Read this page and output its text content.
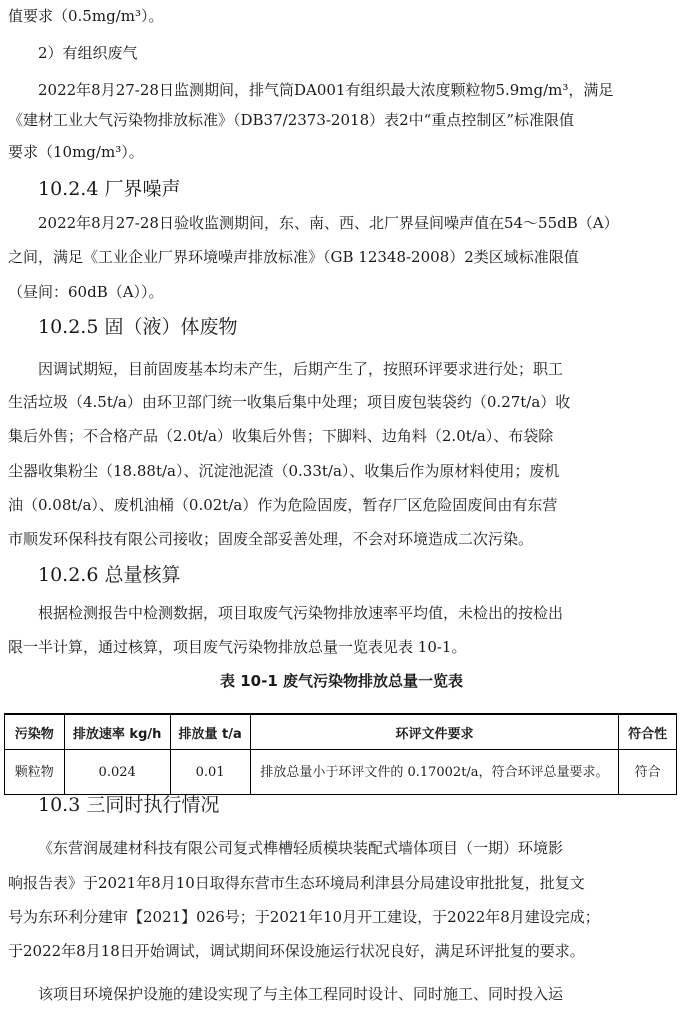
值要求（0.5mg/m³）。
2）有组织废气
2022年8月27-28日监测期间，排气筒DA001有组织最大浓度颗粒物5.9mg/m³，满足
《建材工业大气污染物排放标准》（DB37/2373-2018）表2中“重点控制区”标准限值
要求（10mg/m³）。
10.2.4 厂界噪声
2022年8月27-28日验收监测期间，东、南、西、北厂界昼间噪声值在54～55dB（A）
之间，满足《工业企业厂界环境噪声排放标准》（GB 12348-2008）2类区域标准限值
（昼间：60dB（A））。
10.2.5 固（液）体废物
因调试期短，目前固废基本均未产生，后期产生了，按照环评要求进行处；职工
生活垃圾（4.5t/a）由环卫部门统一收集后集中处理；项目废包装袋约（0.27t/a）收
集后外售；不合格产品（2.0t/a）收集后外售；下脚料、边角料（2.0t/a）、布袋除
尘器收集粉尘（18.88t/a）、沉淀池泥渣（0.33t/a）、收集后作为原材料使用；废机
油（0.08t/a）、废机油桶（0.02t/a）作为危险固废，暂存厂区危险固废间由有东营
市顺发环保科技有限公司接收；固废全部妥善处理，不会对环境造成二次污染。
10.2.6 总量核算
根据检测报告中检测数据，项目取废气污染物排放速率平均值，未检出的按检出
限一半计算，通过核算，项目废气污染物排放总量一览表见表 10-1。
表 10-1 废气污染物排放总量一览表
污染物	排放速率 kg/h	排放量 t/a	环评文件要求	符合性
颗粒物	0.024	0.01	排放总量小于环评文件的 0.17002t/a，符合环评总量要求。	符合
10.3 三同时执行情况
《东营润晟建材科技有限公司复式榫槽轻质模块装配式墙体项目（一期）环境影
响报告表》于2021年8月10日取得东营市生态环境局利津县分局建设审批批复，批复文
号为东环利分建审【2021】026号；于2021年10月开工建设，于2022年8月建设完成；
于2022年8月18日开始调试，调试期间环保设施运行状况良好，满足环评批复的要求。
该项目环境保护设施的建设实现了与主体工程同时设计、同时施工、同时投入运
